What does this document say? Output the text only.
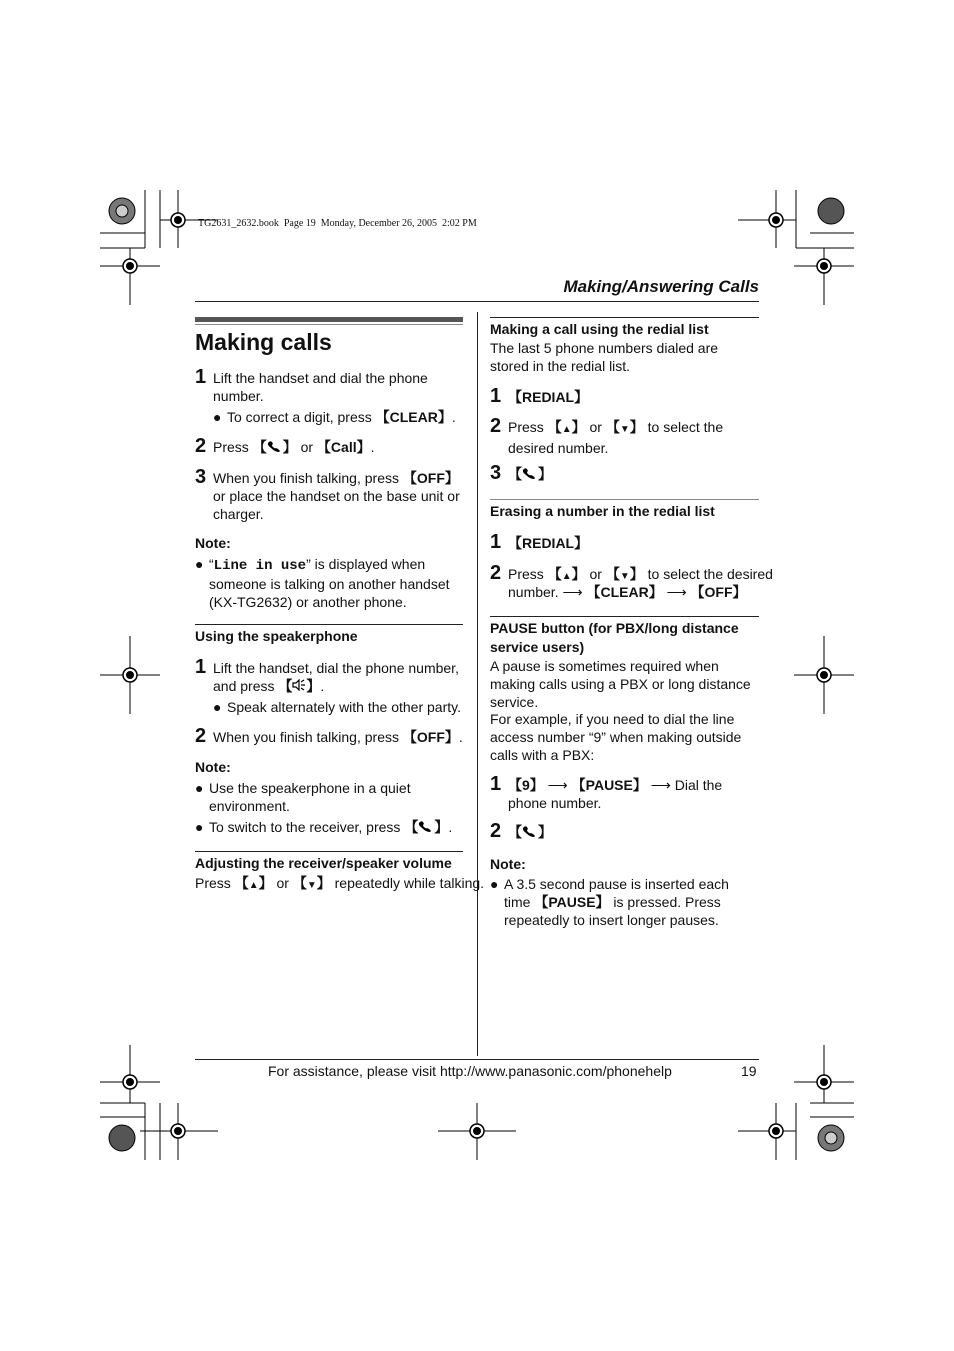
TG2631_2632.book  Page 19  Monday, December 26, 2005  2:02 PM
Making/Answering Calls
Making calls
1 Lift the handset and dial the phone number.
● To correct a digit, press 【CLEAR】.
2 Press 【 】 or 【Call】.
3 When you finish talking, press 【OFF】 or place the handset on the base unit or charger.
Note:
● “Line in use” is displayed when someone is talking on another handset (KX-TG2632) or another phone.
Using the speakerphone
1 Lift the handset, dial the phone number, and press 【 】.
● Speak alternately with the other party.
2 When you finish talking, press 【OFF】.
Note:
● Use the speakerphone in a quiet environment.
● To switch to the receiver, press 【 】.
Adjusting the receiver/speaker volume
Press 【▲】 or 【▼】 repeatedly while talking.
Making a call using the redial list
The last 5 phone numbers dialed are stored in the redial list.
1 【REDIAL】
2 Press 【▲】 or 【▼】 to select the desired number.
3 【 】
Erasing a number in the redial list
1 【REDIAL】
2 Press 【▲】 or 【▼】 to select the desired
number. ⟶ 【CLEAR】 ⟶ 【OFF】
PAUSE button (for PBX/long distance service users)
A pause is sometimes required when making calls using a PBX or long distance service.
For example, if you need to dial the line access number “9” when making outside calls with a PBX:
1 【9】 ⟶ 【PAUSE】 ⟶ Dial the phone number.
2 【 】
Note:
● A 3.5 second pause is inserted each time 【PAUSE】 is pressed. Press repeatedly to insert longer pauses.
For assistance, please visit http://www.panasonic.com/phonehelp	19
